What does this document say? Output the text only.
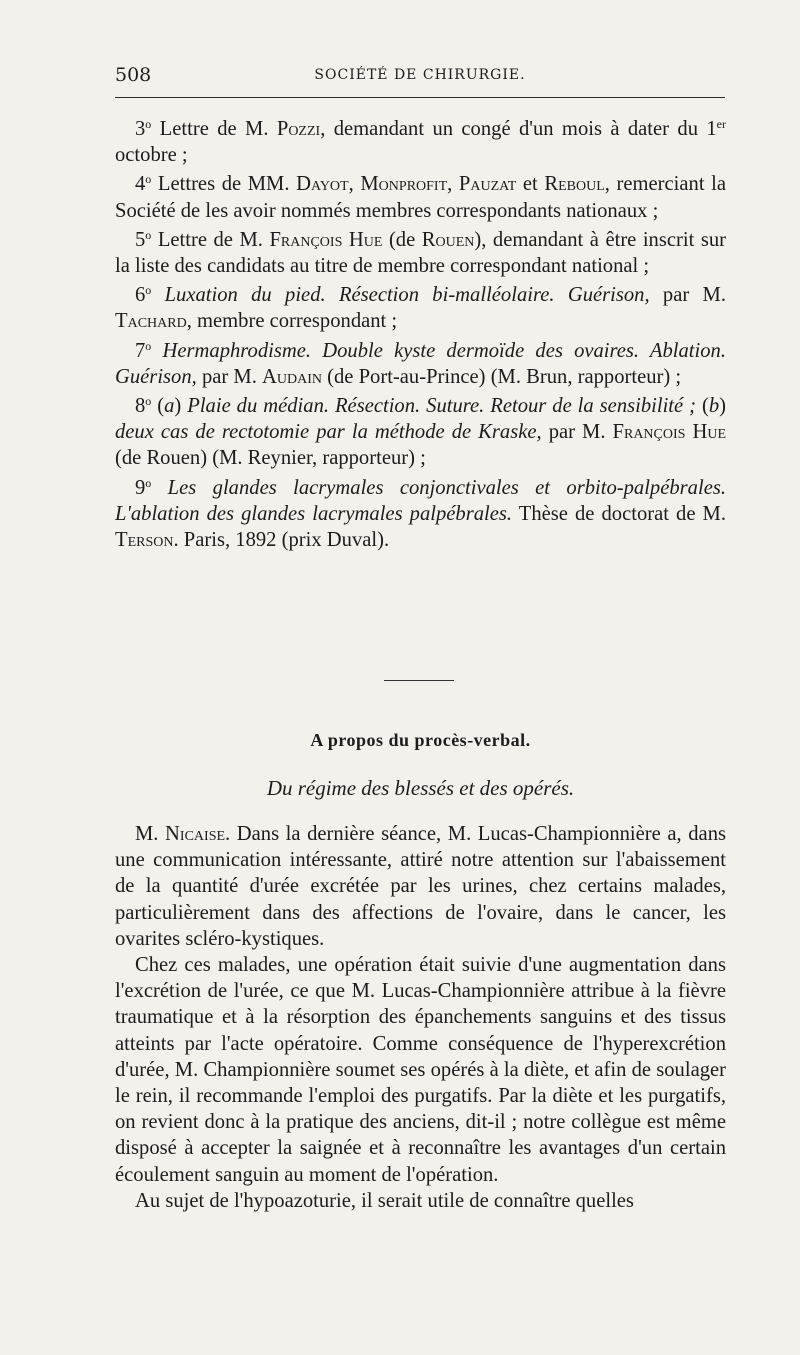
508	SOCIÉTÉ DE CHIRURGIE.

3$^o$ Lettre de M. Pozzi, demandant un congé d'un mois à dater du 1er octobre ;

4$^o$ Lettres de MM. Dayot, Monprofit, Pauzat et Reboul, remerciant la Société de les avoir nommés membres correspondants nationaux ;

5$^o$ Lettre de M. François Hue (de Rouen), demandant à être inscrit sur la liste des candidats au titre de membre correspondant national ;

6$^o$ Luxation du pied. Résection bi-malléolaire. Guérison, par M. Tachard, membre correspondant ;

7$^o$ Hermaphrodisme. Double kyste dermoïde des ovaires. Ablation. Guérison, par M. Audain (de Port-au-Prince) (M. Brun, rapporteur) ;

8$^o$ (a) Plaie du médian. Résection. Suture. Retour de la sensibilité ; (b) deux cas de rectotomie par la méthode de Kraske, par M. François Hue (de Rouen) (M. Reynier, rapporteur) ;

9$^o$ Les glandes lacrymales conjonctivales et orbito-palpébrales. L'ablation des glandes lacrymales palpébrales. Thèse de doctorat de M. Terson. Paris, 1892 (prix Duval).

A propos du procès-verbal.
Du régime des blessés et des opérés.

M. Nicaise. Dans la dernière séance, M. Lucas-Championnière a, dans une communication intéressante, attiré notre attention sur l'abaissement de la quantité d'urée excrétée par les urines, chez certains malades, particulièrement dans des affections de l'ovaire, dans le cancer, les ovarites scléro-kystiques.

Chez ces malades, une opération était suivie d'une augmentation dans l'excrétion de l'urée, ce que M. Lucas-Championnière attribue à la fièvre traumatique et à la résorption des épanchements sanguins et des tissus atteints par l'acte opératoire. Comme conséquence de l'hyperexcrétion d'urée, M. Championnière soumet ses opérés à la diète, et afin de soulager le rein, il recommande l'emploi des purgatifs. Par la diète et les purgatifs, on revient donc à la pratique des anciens, dit-il ; notre collègue est même disposé à accepter la saignée et à reconnaître les avantages d'un certain écoulement sanguin au moment de l'opération.

Au sujet de l'hypoazoturie, il serait utile de connaître quelles
